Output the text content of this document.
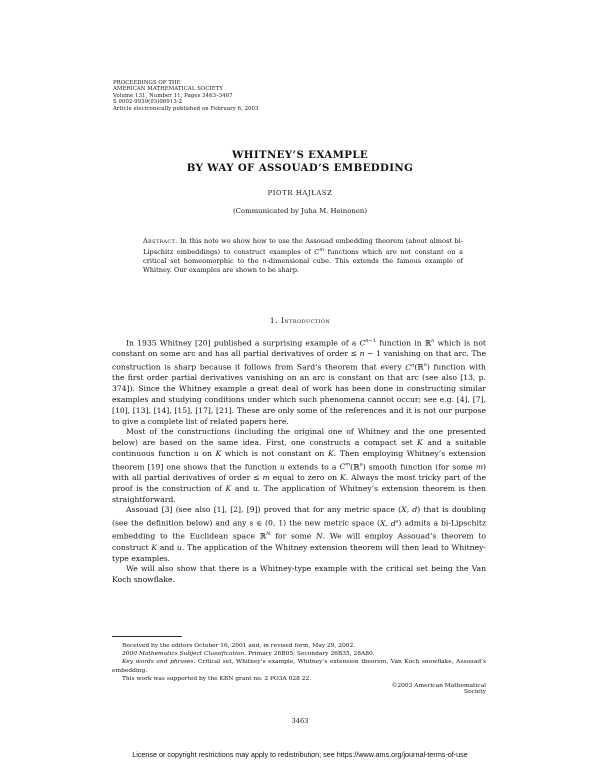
PROCEEDINGS OF THE
AMERICAN MATHEMATICAL SOCIETY
Volume 131, Number 11, Pages 3463–3467
S 0002-9939(03)06913-2
Article electronically published on February 6, 2003
WHITNEY’S EXAMPLE
BY WAY OF ASSOUAD’S EMBEDDING
PIOTR HAJŁASZ
(Communicated by Juha M. Heinonen)
Abstract. In this note we show how to use the Assouad embedding theorem (about almost bi-Lipschitz embeddings) to construct examples of $C^m$ functions which are not constant on a critical set homeomorphic to the n-dimensional cube. This extends the famous example of Whitney. Our examples are shown to be sharp.
1. Introduction

In 1935 Whitney [20] published a surprising example of a $C^{n-1}$ function in ℝ$^n$ which is not constant on some arc and has all partial derivatives of order ≤ n − 1 vanishing on that arc. The construction is sharp because it follows from Sard’s theorem that every $C^n(ℝ^n)$ function with the first order partial derivatives vanishing on an arc is constant on that arc (see also [13, p. 374]). Since the Whitney example a great deal of work has been done in constructing similar examples and studying conditions under which such phenomena cannot occur; see e.g. [4], [7], [10], [13], [14], [15], [17], [21]. These are only some of the references and it is not our purpose to give a complete list of related papers here.

Most of the constructions (including the original one of Whitney and the one presented below) are based on the same idea. First, one constructs a compact set K and a suitable continuous function u on K which is not constant on K. Then employing Whitney’s extension theorem [19] one shows that the function u extends to a $C^m(ℝ^n)$ smooth function (for some m) with all partial derivatives of order ≤ m equal to zero on K. Always the most tricky part of the proof is the construction of K and u. The application of Whitney’s extension theorem is then straightforward.

Assouad [3] (see also [1], [2], [9]) proved that for any metric space (X, d) that is doubling (see the definition below) and any s ∈ (0, 1) the new metric space (X, $d^s$) admits a bi-Lipschitz embedding to the Euclidean space ℝ$^N$ for some N. We will employ Assouad’s theorem to construct K and u. The application of the Whitney extension theorem will then lead to Whitney-type examples.

We will also show that there is a Whitney-type example with the critical set being the Van Koch snowflake.

Received by the editors October 16, 2001 and, in revised form, May 29, 2002.

2000 Mathematics Subject Classification. Primary 26B05; Secondary 26B35, 28A80.

Key words and phrases. Critical set, Whitney’s example, Whitney’s extension theorem, Van Koch snowflake, Assouad’s embedding.

This work was supported by the KBN grant no. 2 PO3A 028 22.

©2003 American Mathematical Society
3463
License or copyright restrictions may apply to redistribution; see https://www.ams.org/journal-terms-of-use
